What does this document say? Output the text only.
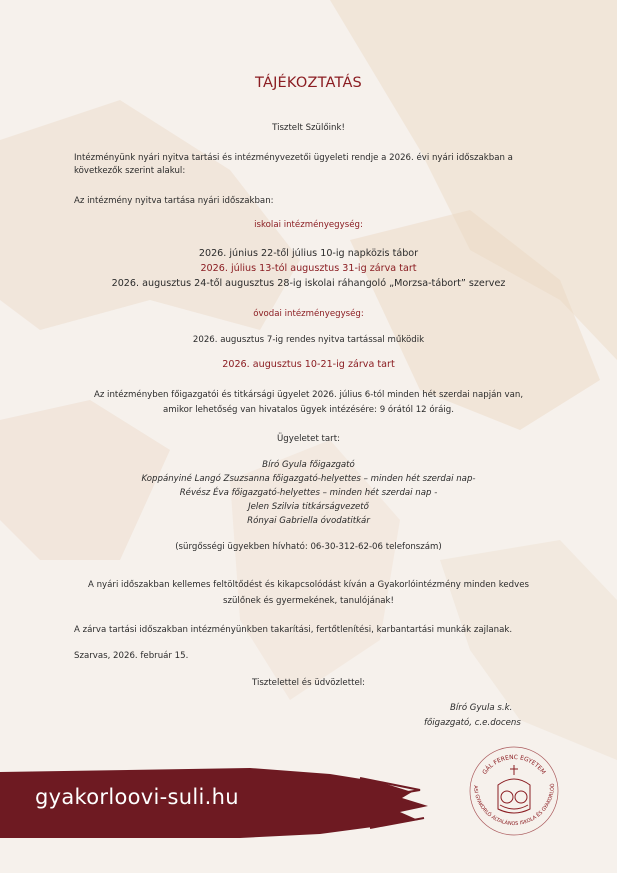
TÁJÉKOZTATÁS
Tisztelt Szülőink!
Intézményünk nyári nyitva tartási és intézményvezetői ügyeleti rendje a 2026. évi nyári időszakban a
következők szerint alakul:
Az intézmény nyitva tartása nyári időszakban:
iskolai intézményegység:
2026. június 22-től július 10-ig napközis tábor
2026. július 13-tól augusztus 31-ig zárva tart
2026. augusztus 24-től augusztus 28-ig iskolai ráhangoló „Morzsa-tábort” szervez
óvodai intézményegység:
2026. augusztus 7-ig rendes nyitva tartással működik
2026. augusztus 10-21-ig zárva tart
Az intézményben főigazgatói és titkársági ügyelet 2026. július 6-tól minden hét szerdai napján van,
amikor lehetőség van hivatalos ügyek intézésére: 9 órától 12 óráig.
Ügyeletet tart:
Bíró Gyula főigazgató
Koppányiné Langó Zsuzsanna főigazgató-helyettes – minden hét szerdai nap-
Révész Éva főigazgató-helyettes – minden hét szerdai nap -
Jelen Szilvia titkárságvezető
Rónyai Gabriella óvodatitkár
(sürgősségi ügyekben hívható: 06-30-312-62-06 telefonszám)
A nyári időszakban kellemes feltöltődést és kikapcsolódást kíván a Gyakorlóintézmény minden kedves
szülőnek és gyermekének, tanulójának!
A zárva tartási időszakban intézményünkben takarítási, fertőtlenítési, karbantartási munkák zajlanak.
Szarvas, 2026. február 15.
Tisztelettel és üdvözlettel:
Bíró Gyula s.k.
főigazgató, c.e.docens
gyakorloovi-suli.hu
GÁL FERENC EGYETEM
ASI GYAKORLÓ ÁLTALÁNOS ISKOLA ÉS GYAKORLÓÓ
